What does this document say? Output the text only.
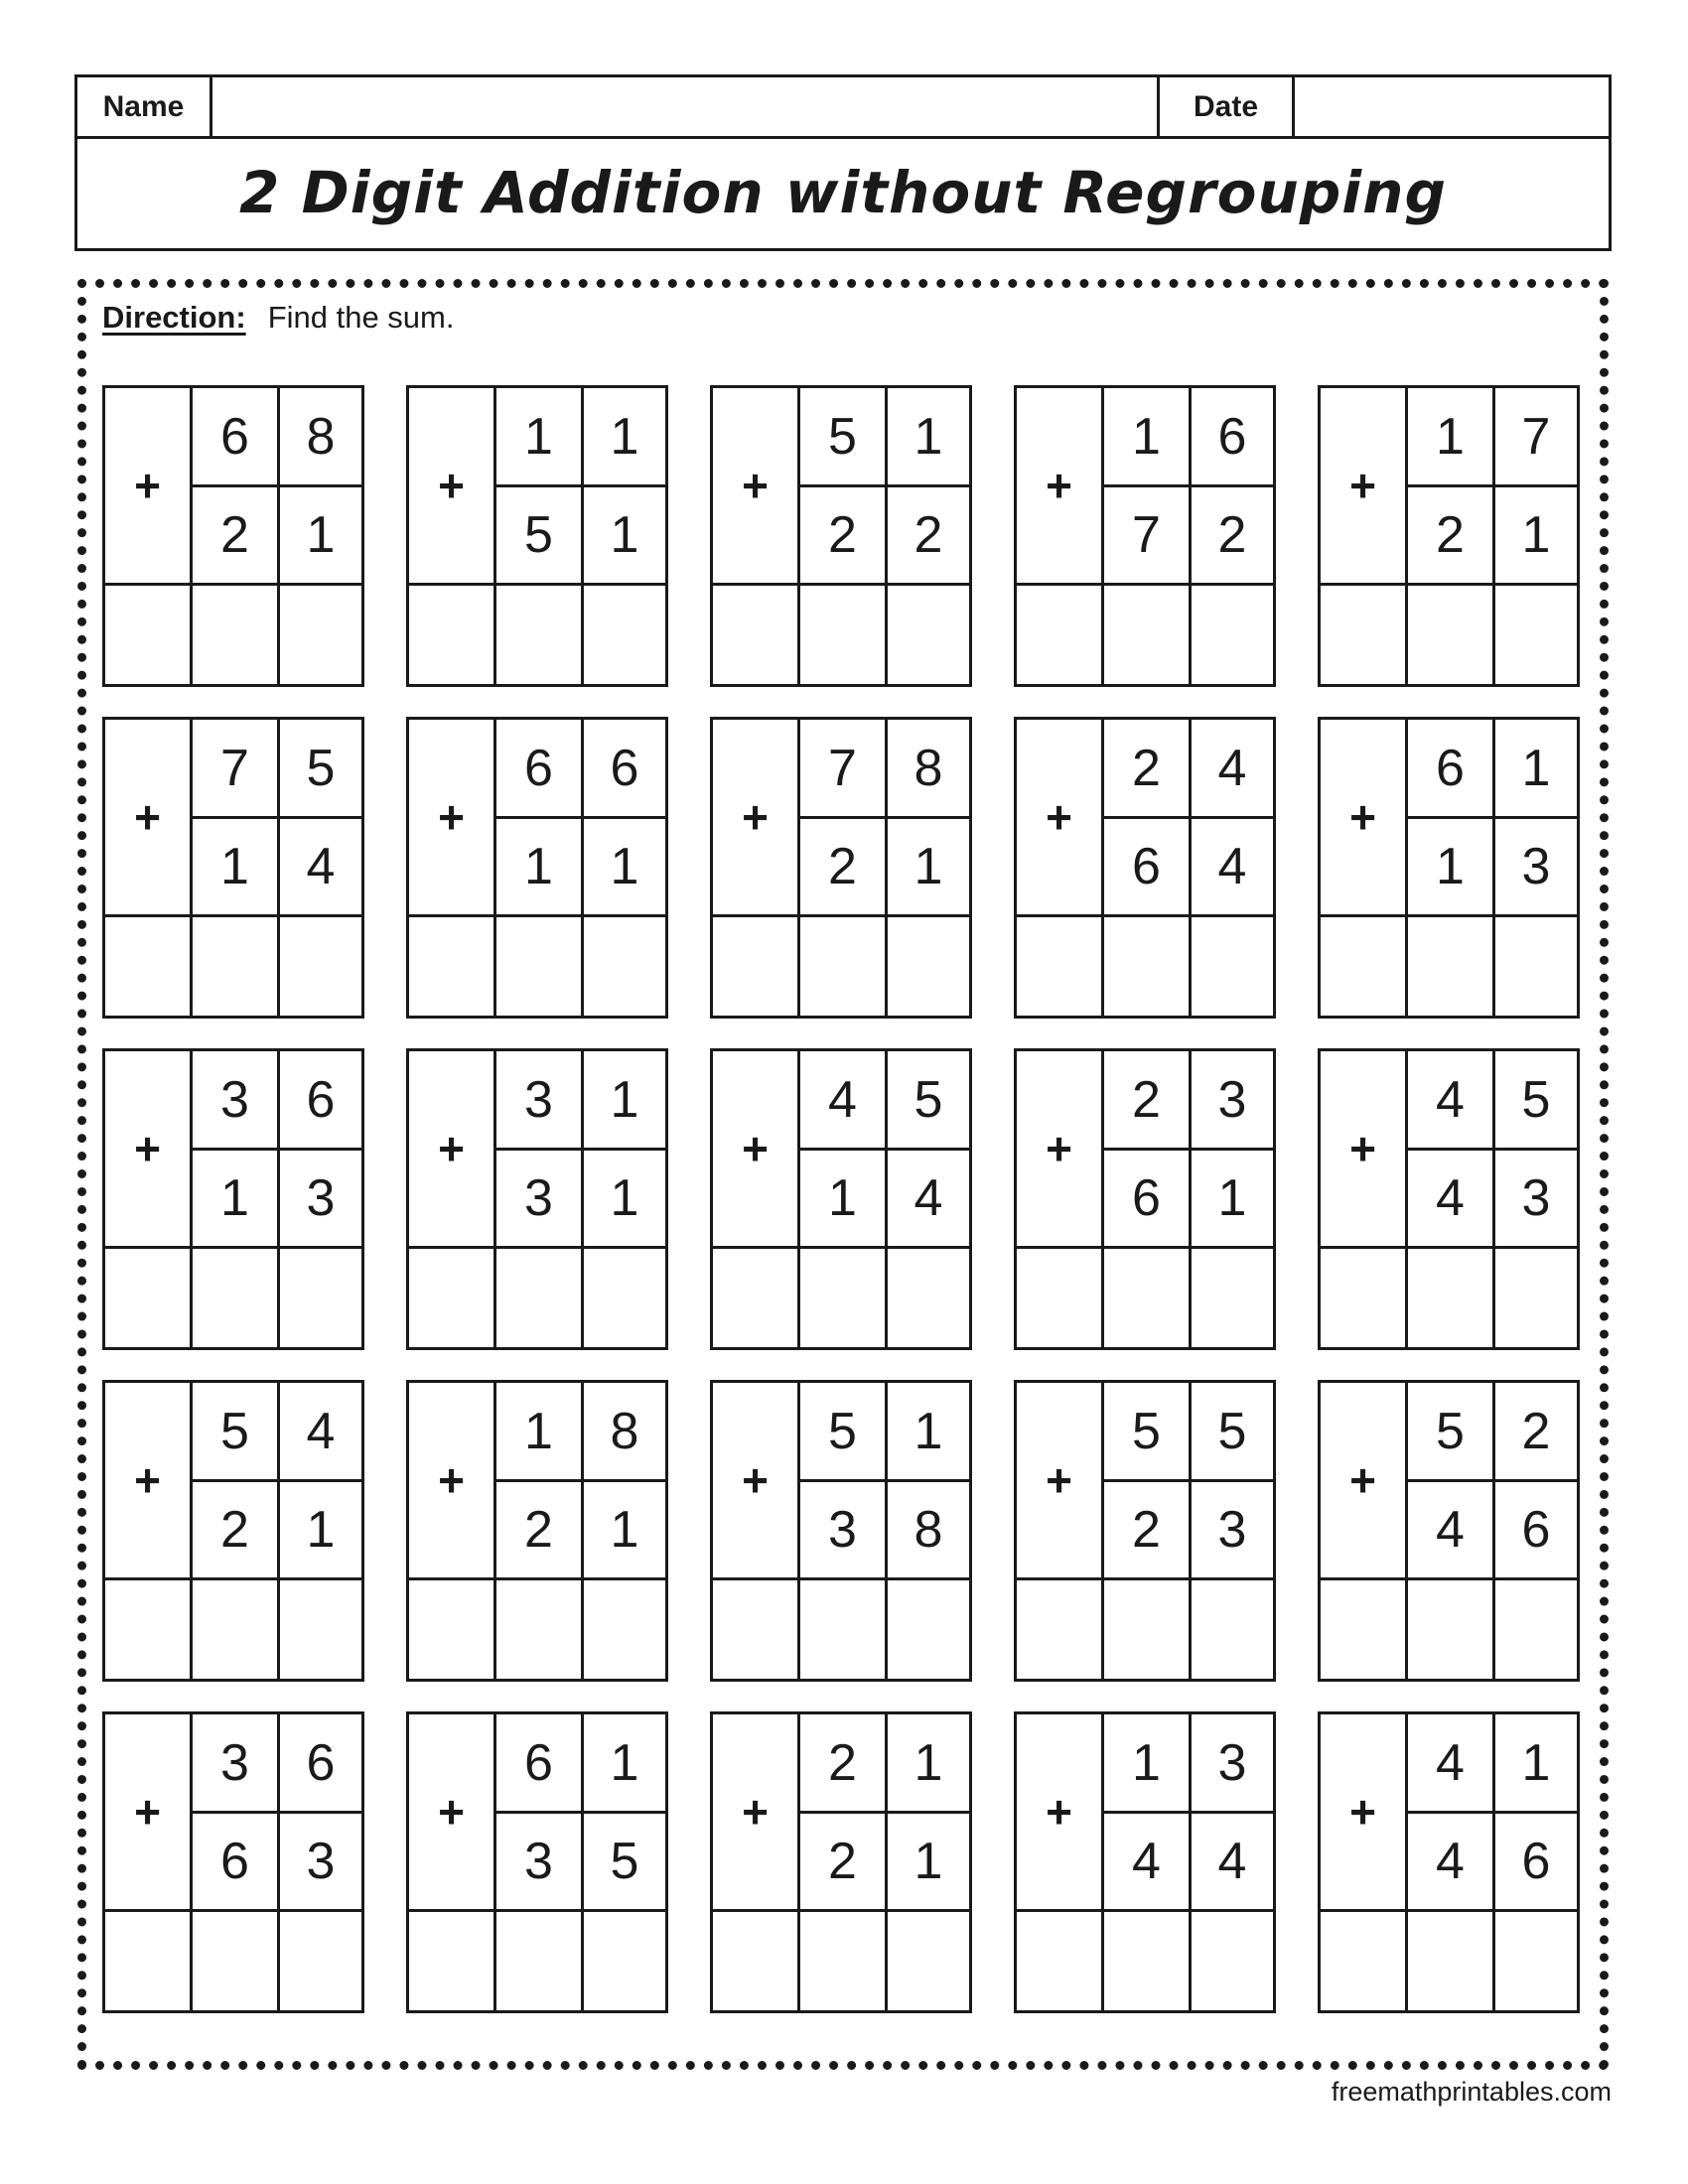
Name	Date
2 Digit Addition without Regrouping
Direction: Find the sum.
+
6	8
2	1
+
1	1
5	1
+
5	1
2	2
+
1	6
7	2
+
1	7
2	1
+
7	5
1	4
+
6	6
1	1
+
7	8
2	1
+
2	4
6	4
+
6	1
1	3
+
3	6
1	3
+
3	1
3	1
+
4	5
1	4
+
2	3
6	1
+
4	5
4	3
+
5	4
2	1
+
1	8
2	1
+
5	1
3	8
+
5	5
2	3
+
5	2
4	6
+
3	6
6	3
+
6	1
3	5
+
2	1
2	1
+
1	3
4	4
+
4	1
4	6
freemathprintables.com
